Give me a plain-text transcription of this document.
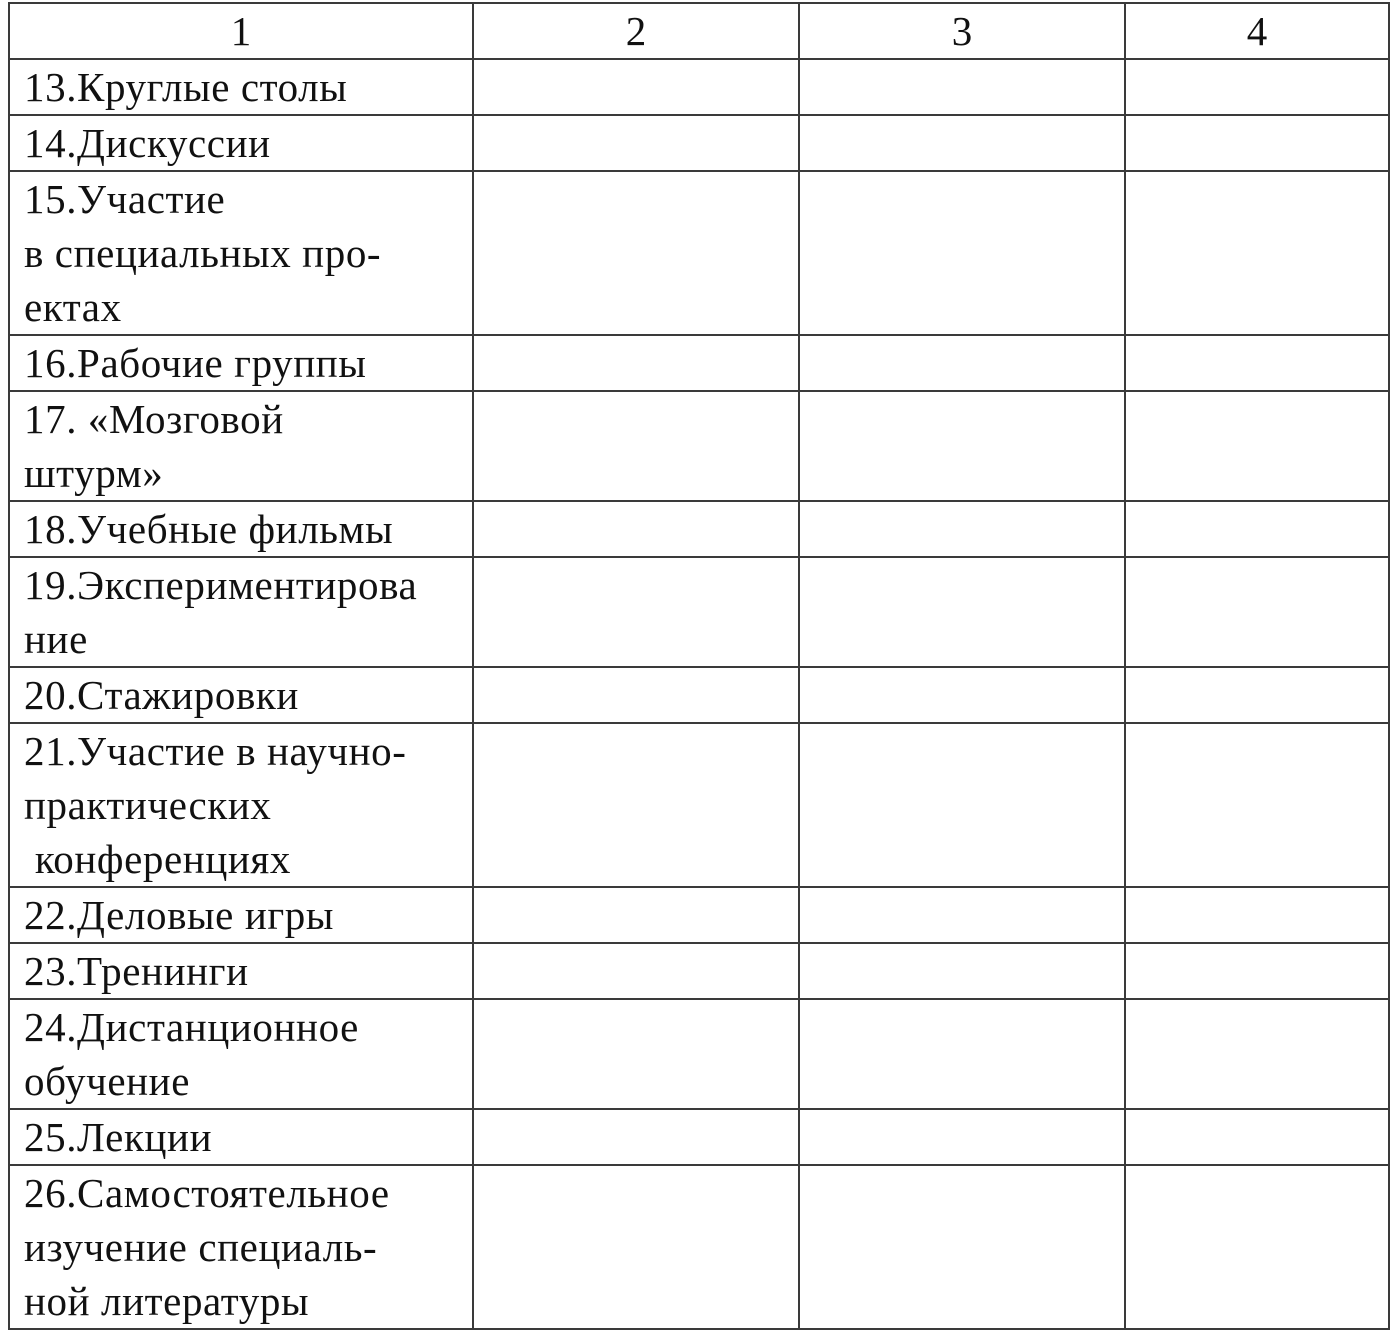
1	2	3	4

13.Круглые столы			

14.Дискуссии			

15.Участие
в специальных про-
ектах			

16.Рабочие группы			

17. «Мозговой
штурм»			

18.Учебные фильмы			

19.Экспериментирова
ние			

20.Стажировки			

21.Участие в научно-
практических
конференциях			

22.Деловые игры			

23.Тренинги			

24.Дистанционное
обучение			

25.Лекции			

26.Самостоятельное
изучение специаль-
ной литературы			
